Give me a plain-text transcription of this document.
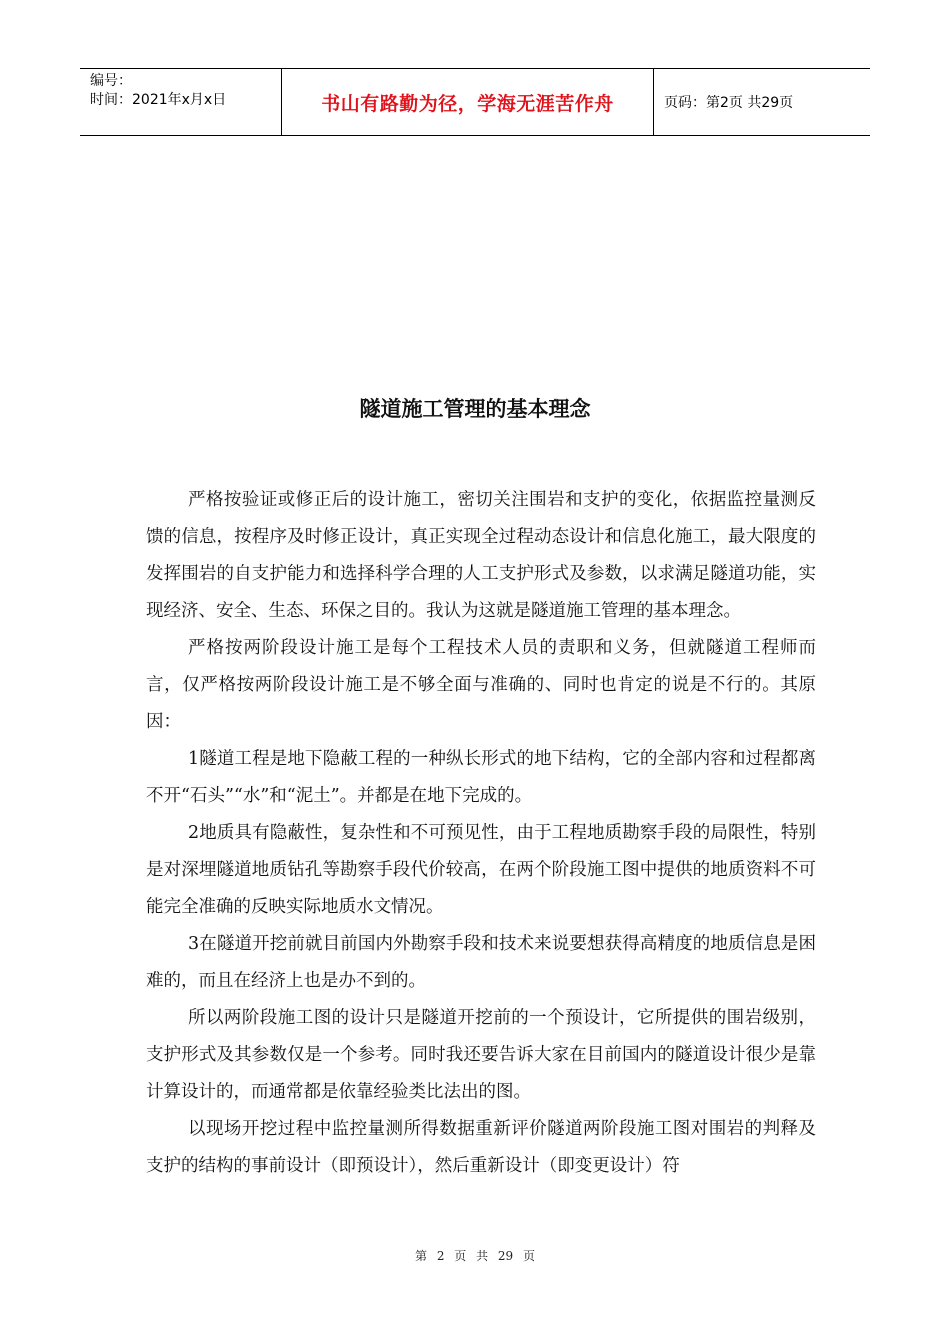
编号：
时间：2021年x月x日	书山有路勤为径，学海无涯苦作舟	页码：第2页 共29页
隧道施工管理的基本理念

严格按验证或修正后的设计施工，密切关注围岩和支护的变化，依据监控量测反馈的信息，按程序及时修正设计，真正实现全过程动态设计和信息化施工，最大限度的发挥围岩的自支护能力和选择科学合理的人工支护形式及参数，以求满足隧道功能，实现经济、安全、生态、环保之目的。我认为这就是隧道施工管理的基本理念。

严格按两阶段设计施工是每个工程技术人员的责职和义务，但就隧道工程师而言，仅严格按两阶段设计施工是不够全面与准确的、同时也肯定的说是不行的。其原因：

1隧道工程是地下隐蔽工程的一种纵长形式的地下结构，它的全部内容和过程都离不开“石头”“水”和“泥土”。并都是在地下完成的。

2地质具有隐蔽性，复杂性和不可预见性，由于工程地质勘察手段的局限性，特别是对深埋隧道地质钻孔等勘察手段代价较高，在两个阶段施工图中提供的地质资料不可能完全准确的反映实际地质水文情况。

3在隧道开挖前就目前国内外勘察手段和技术来说要想获得高精度的地质信息是困难的，而且在经济上也是办不到的。

所以两阶段施工图的设计只是隧道开挖前的一个预设计，它所提供的围岩级别，支护形式及其参数仅是一个参考。同时我还要告诉大家在目前国内的隧道设计很少是靠计算设计的，而通常都是依靠经验类比法出的图。

以现场开挖过程中监控量测所得数据重新评价隧道两阶段施工图对围岩的判释及支护的结构的事前设计（即预设计），然后重新设计（即变更设计）符

第 2 页 共 29 页
